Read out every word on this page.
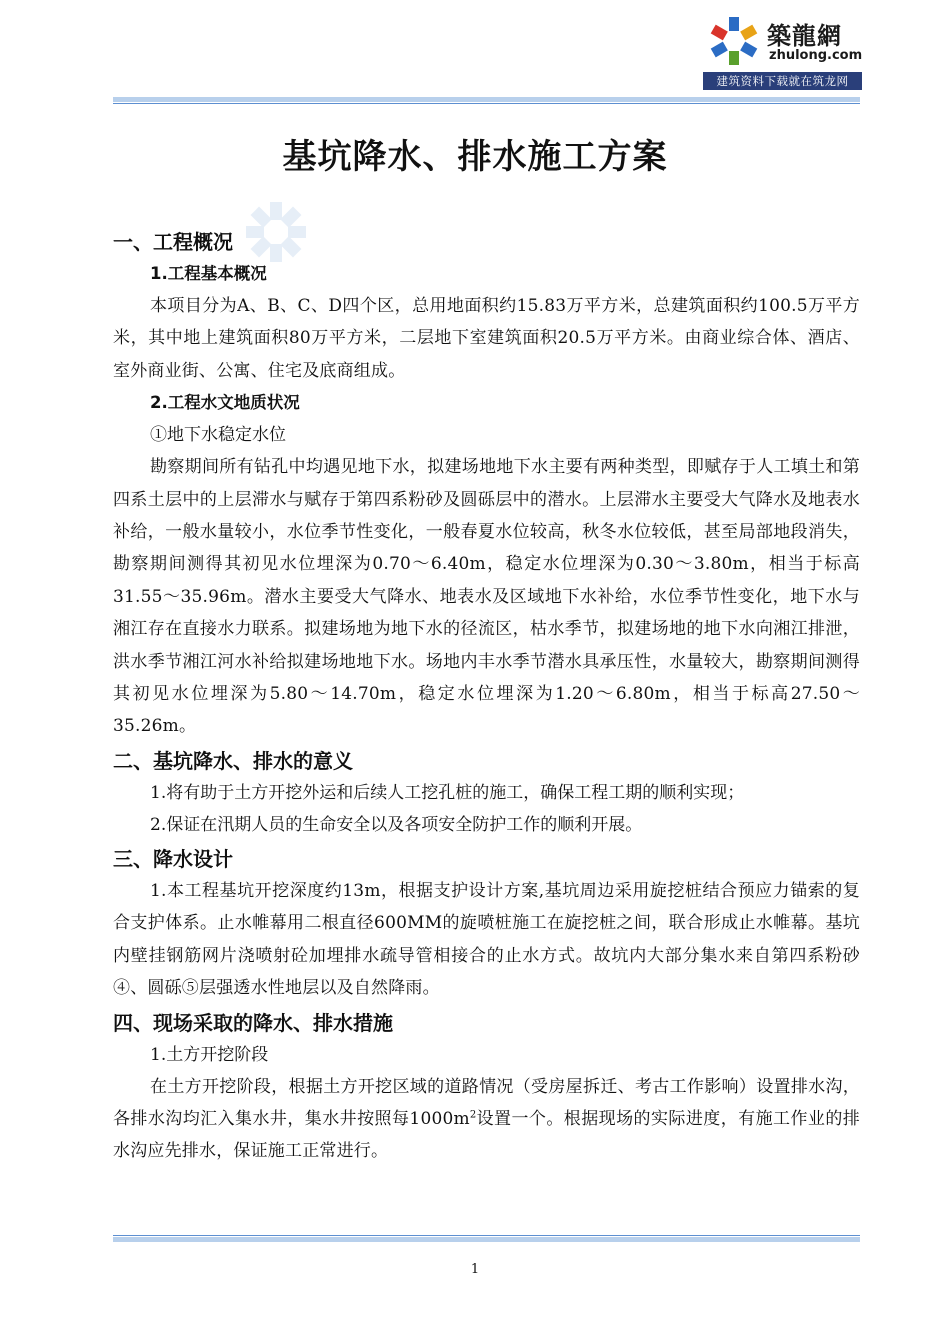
築龍網
zhulong.com
建筑资料下载就在筑龙网
基坑降水、排水施工方案

一、工程概况

1.工程基本概况

本项目分为A、B、C、D四个区，总用地面积约15.83万平方米，总建筑面积约100.5万平方米，其中地上建筑面积80万平方米，二层地下室建筑面积20.5万平方米。由商业综合体、酒店、室外商业街、公寓、住宅及底商组成。

2.工程水文地质状况

①地下水稳定水位

勘察期间所有钻孔中均遇见地下水，拟建场地地下水主要有两种类型，即赋存于人工填土和第四系土层中的上层滞水与赋存于第四系粉砂及圆砾层中的潜水。上层滞水主要受大气降水及地表水补给，一般水量较小，水位季节性变化，一般春夏水位较高，秋冬水位较低，甚至局部地段消失，勘察期间测得其初见水位埋深为0.70～6.40m，稳定水位埋深为0.30～3.80m，相当于标高31.55～35.96m。潜水主要受大气降水、地表水及区域地下水补给，水位季节性变化，地下水与湘江存在直接水力联系。拟建场地为地下水的径流区，枯水季节，拟建场地的地下水向湘江排泄，洪水季节湘江河水补给拟建场地地下水。场地内丰水季节潜水具承压性，水量较大，勘察期间测得其初见水位埋深为5.80～14.70m，稳定水位埋深为1.20～6.80m，相当于标高27.50～35.26m。

二、基坑降水、排水的意义

1.将有助于土方开挖外运和后续人工挖孔桩的施工，确保工程工期的顺利实现；

2.保证在汛期人员的生命安全以及各项安全防护工作的顺利开展。

三、降水设计

1.本工程基坑开挖深度约13m，根据支护设计方案,基坑周边采用旋挖桩结合预应力锚索的复合支护体系。止水帷幕用二根直径600MM的旋喷桩施工在旋挖桩之间，联合形成止水帷幕。基坑内壁挂钢筋网片浇喷射砼加埋排水疏导管相接合的止水方式。故坑内大部分集水来自第四系粉砂④、圆砾⑤层强透水性地层以及自然降雨。

四、现场采取的降水、排水措施

1.土方开挖阶段

在土方开挖阶段，根据土方开挖区域的道路情况（受房屋拆迁、考古工作影响）设置排水沟，各排水沟均汇入集水井，集水井按照每$1000m^2$设置一个。根据现场的实际进度，有施工作业的排水沟应先排水，保证施工正常进行。

1
